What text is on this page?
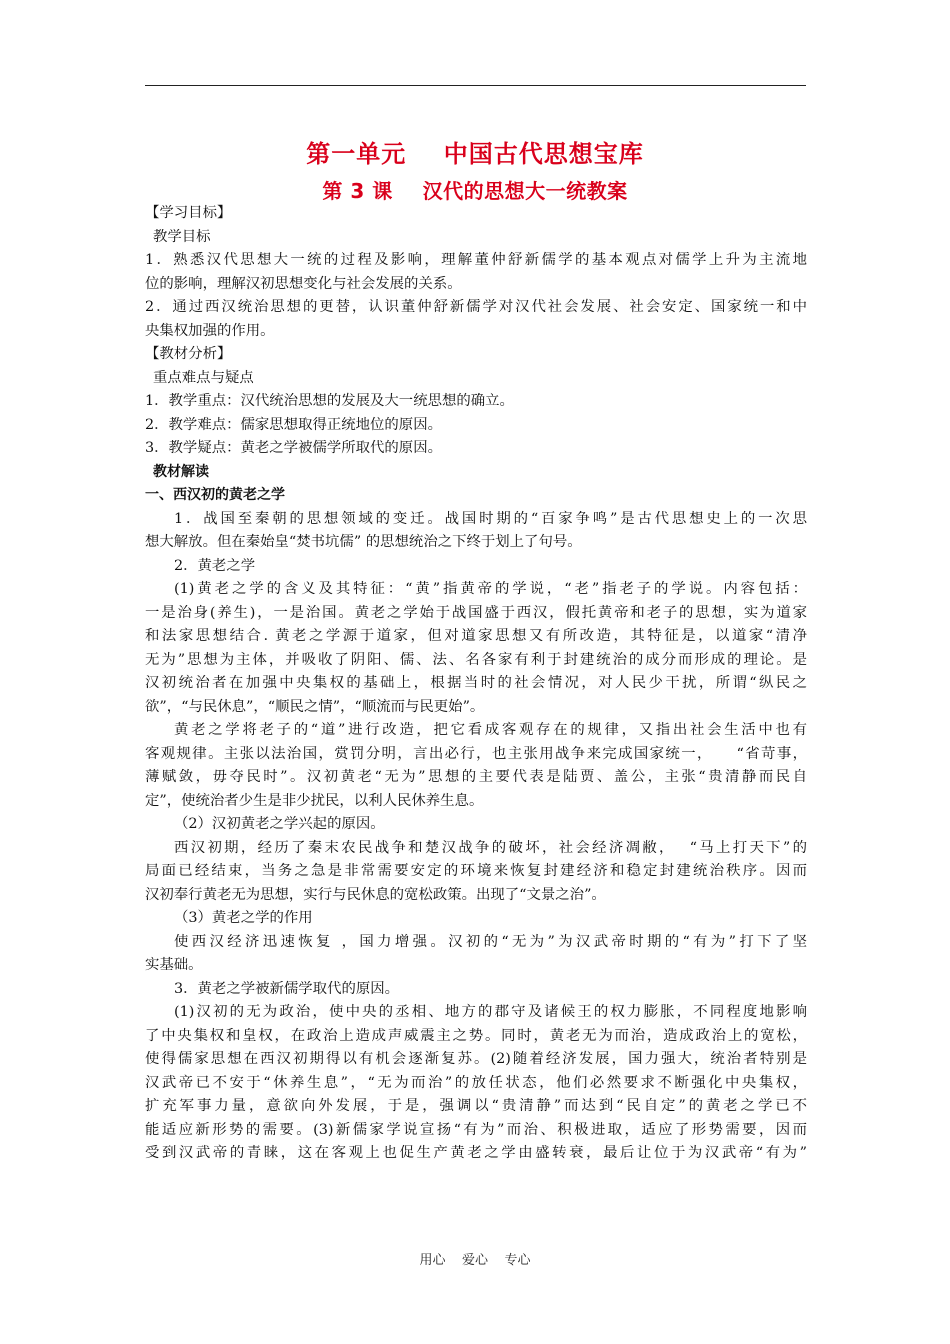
第一单元    中国古代思想宝库
第 3 课    汉代的思想大一统教案
【学习目标】
教学目标
1．熟悉汉代思想大一统的过程及影响，理解董仲舒新儒学的基本观点对儒学上升为主流地
位的影响，理解汉初思想变化与社会发展的关系。
2．通过西汉统治思想的更替，认识董仲舒新儒学对汉代社会发展、社会安定、国家统一和中
央集权加强的作用。
【教材分析】
重点难点与疑点
1．教学重点：汉代统治思想的发展及大一统思想的确立。
2．教学难点：儒家思想取得正统地位的原因。
3．教学疑点：黄老之学被儒学所取代的原因。
教材解读
一、西汉初的黄老之学
1．战国至秦朝的思想领域的变迁。战国时期的“百家争鸣”是古代思想史上的一次思
想大解放。但在秦始皇“焚书坑儒” 的思想统治之下终于划上了句号。
2．黄老之学
(1)黄老之学的含义及其特征：“黄”指黄帝的学说，“老”指老子的学说。内容包括：
一是治身(养生)，一是治国。黄老之学始于战国盛于西汉，假托黄帝和老子的思想，实为道家
和法家思想结合. 黄老之学源于道家，但对道家思想又有所改造，其特征是，以道家“清净
无为”思想为主体，并吸收了阴阳、儒、法、名各家有利于封建统治的成分而形成的理论。是
汉初统治者在加强中央集权的基础上，根据当时的社会情况，对人民少干扰，所谓“纵民之
欲”，“与民休息”，“顺民之情”，“顺流而与民更始”。
黄老之学将老子的“道”进行改造，把它看成客观存在的规律，又指出社会生活中也有
客观规律。主张以法治国，赏罚分明，言出必行，也主张用战争来完成国家统一，    “省苛事，
薄赋敛，毋夺民时”。汉初黄老“无为”思想的主要代表是陆贾、盖公，主张“贵清静而民自
定”，使统治者少生是非少扰民，以利人民休养生息。
（2）汉初黄老之学兴起的原因。
西汉初期，经历了秦末农民战争和楚汉战争的破坏，社会经济凋敝，  “马上打天下”的
局面已经结束，当务之急是非常需要安定的环境来恢复封建经济和稳定封建统治秩序。因而
汉初奉行黄老无为思想，实行与民休息的宽松政策。出现了“文景之治”。
（3）黄老之学的作用
使西汉经济迅速恢复 ，国力增强。汉初的“无为”为汉武帝时期的“有为”打下了坚
实基础。
3．黄老之学被新儒学取代的原因。
(1)汉初的无为政治，使中央的丞相、地方的郡守及诸候王的权力膨胀，不同程度地影响
了中央集权和皇权，在政治上造成声威震主之势。同时，黄老无为而治，造成政治上的宽松，
使得儒家思想在西汉初期得以有机会逐渐复苏。(2)随着经济发展，国力强大，统治者特别是
汉武帝已不安于“休养生息”，“无为而治”的放任状态，他们必然要求不断强化中央集权，
扩充军事力量，意欲向外发展，于是，强调以“贵清静”而达到“民自定”的黄老之学已不
能适应新形势的需要。(3)新儒家学说宣扬“有为”而治、积极进取，适应了形势需要，因而
受到汉武帝的青睐，这在客观上也促生产黄老之学由盛转衰，最后让位于为汉武帝“有为”
用心    爱心    专心
